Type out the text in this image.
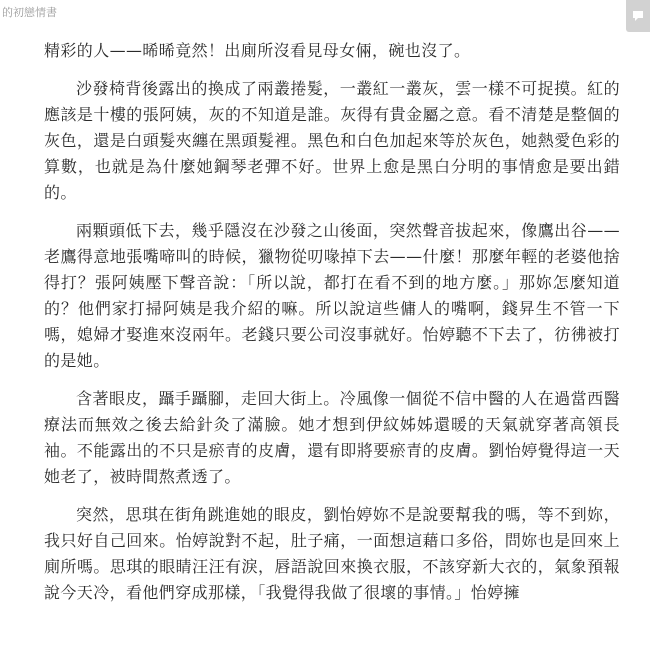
的初戀情書

精彩的人——晞晞竟然！出廁所沒看見母女倆，碗也沒了。

沙發椅背後露出的換成了兩叢捲髮，一叢紅一叢灰，雲一樣不可捉摸。紅的應該是十樓的張阿姨，灰的不知道是誰。灰得有貴金屬之意。看不清楚是整個的灰色，還是白頭髮夾纏在黑頭髮裡。黑色和白色加起來等於灰色，她熱愛色彩的算數，也就是為什麼她鋼琴老彈不好。世界上愈是黑白分明的事情愈是要出錯的。

兩顆頭低下去，幾乎隱沒在沙發之山後面，突然聲音拔起來，像鷹出谷——老鷹得意地張嘴啼叫的時候，獵物從叨喙掉下去——什麼！那麼年輕的老婆他捨得打？張阿姨壓下聲音說：「所以說，都打在看不到的地方麼。」那妳怎麼知道的？他們家打掃阿姨是我介紹的嘛。所以說這些傭人的嘴啊，錢昇生不管一下嗎，媳婦才娶進來沒兩年。老錢只要公司沒事就好。怡婷聽不下去了，彷彿被打的是她。

含著眼皮，躡手躡腳，走回大街上。冷風像一個從不信中醫的人在過當西醫療法而無效之後去給針灸了滿臉。她才想到伊紋姊姊還暖的天氣就穿著高領長袖。不能露出的不只是瘀青的皮膚，還有即將要瘀青的皮膚。劉怡婷覺得這一天她老了，被時間熬煮透了。

突然，思琪在街角跳進她的眼皮，劉怡婷妳不是說要幫我的嗎，等不到妳，我只好自己回來。怡婷說對不起，肚子痛，一面想這藉口多俗，問妳也是回來上廁所嗎。思琪的眼睛汪汪有淚，唇語說回來換衣服，不該穿新大衣的，氣象預報說今天冷，看他們穿成那樣，「我覺得我做了很壞的事情。」怡婷擁
